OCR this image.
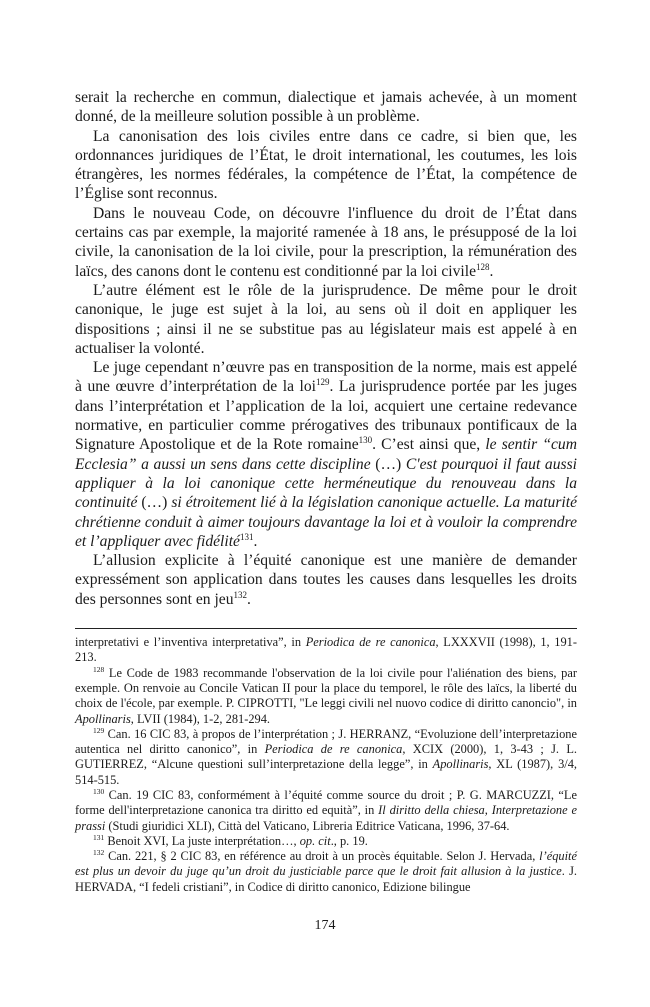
serait la recherche en commun, dialectique et jamais achevée, à un moment donné, de la meilleure solution possible à un problème.

La canonisation des lois civiles entre dans ce cadre, si bien que, les ordonnances juridiques de l’État, le droit international, les coutumes, les lois étrangères, les normes fédérales, la compétence de l’État, la compétence de l’Église sont reconnus.

Dans le nouveau Code, on découvre l'influence du droit de l’État dans certains cas par exemple, la majorité ramenée à 18 ans, le présupposé de la loi civile, la canonisation de la loi civile, pour la prescription, la rémunération des laïcs, des canons dont le contenu est conditionné par la loi civile$^{128}$.

L’autre élément est le rôle de la jurisprudence. De même pour le droit canonique, le juge est sujet à la loi, au sens où il doit en appliquer les dispositions ; ainsi il ne se substitue pas au législateur mais est appelé à en actualiser la volonté.

Le juge cependant n’œuvre pas en transposition de la norme, mais est appelé à une œuvre d’interprétation de la loi$^{129}$. La jurisprudence portée par les juges dans l’interprétation et l’application de la loi, acquiert une certaine redevance normative, en particulier comme prérogatives des tribunaux pontificaux de la Signature Apostolique et de la Rote romaine$^{130}$. C’est ainsi que, le sentir “cum Ecclesia” a aussi un sens dans cette discipline (…) C'est pourquoi il faut aussi appliquer à la loi canonique cette herméneutique du renouveau dans la continuité (…) si étroitement lié à la législation canonique actuelle. La maturité chrétienne conduit à aimer toujours davantage la loi et à vouloir la comprendre et l’appliquer avec fidélité$^{131}$.

L’allusion explicite à l’équité canonique est une manière de demander expressément son application dans toutes les causes dans lesquelles les droits des personnes sont en jeu$^{132}$.

interpretativi e l’inventiva interpretativa”, in Periodica de re canonica, LXXXVII (1998), 1, 191-213.

$^{128}$ Le Code de 1983 recommande l'observation de la loi civile pour l'aliénation des biens, par exemple. On renvoie au Concile Vatican II pour la place du temporel, le rôle des laïcs, la liberté du choix de l'école, par exemple. P. CIPROTTI, "Le leggi civili nel nuovo codice di diritto canoncio", in Apollinaris, LVII (1984), 1-2, 281-294.

$^{129}$ Can. 16 CIC 83, à propos de l’interprétation ; J. HERRANZ, “Evoluzione dell’interpretazione autentica nel diritto canonico”, in Periodica de re canonica, XCIX (2000), 1, 3-43 ; J. L. GUTIERREZ, “Alcune questioni sull’interpretazione della legge”, in Apollinaris, XL (1987), 3/4, 514-515.

$^{130}$ Can. 19 CIC 83, conformément à l’équité comme source du droit ; P. G. MARCUZZI, “Le forme dell'interpretazione canonica tra diritto ed equità”, in Il diritto della chiesa, Interpretazione e prassi (Studi giuridici XLI), Città del Vaticano, Libreria Editrice Vaticana, 1996, 37-64.

$^{131}$ Benoit XVI, La juste interprétation…, op. cit., p. 19.

$^{132}$ Can. 221, § 2 CIC 83, en référence au droit à un procès équitable. Selon J. Hervada, l’équité est plus un devoir du juge qu’un droit du justiciable parce que le droit fait allusion à la justice. J. HERVADA, “I fedeli cristiani”, in Codice di diritto canonico, Edizione bilingue

174
